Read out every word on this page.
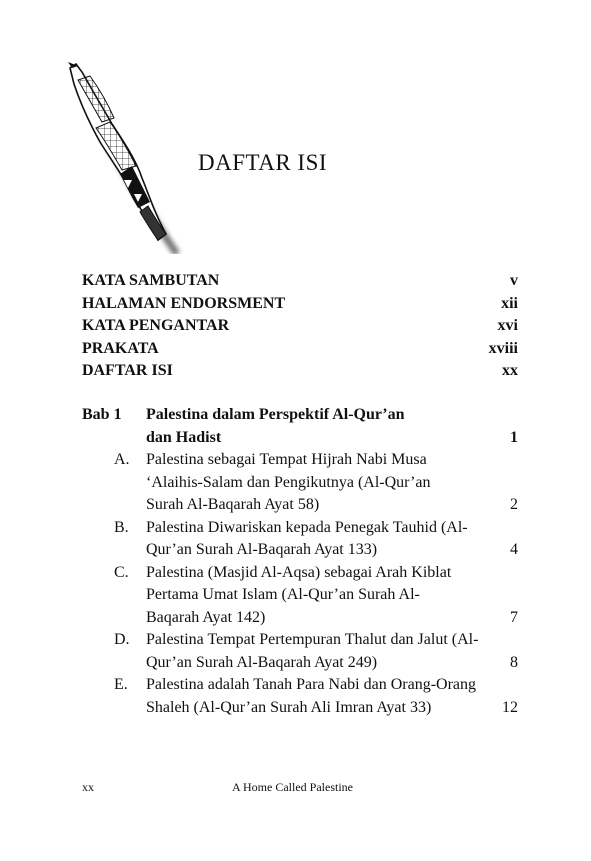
DAFTAR ISI
KATA SAMBUTAN	v
HALAMAN ENDORSMENT	xii
KATA PENGANTAR	xvi
PRAKATA	xviii
DAFTAR ISI	xx
Bab 1	Palestina dalam Perspektif Al-Qur’an dan Hadist	1
A.	Palestina sebagai Tempat Hijrah Nabi Musa ‘Alaihis-Salam dan Pengikutnya (Al-Qur’an Surah Al-Baqarah Ayat 58)	2
B.	Palestina Diwariskan kepada Penegak Tauhid (Al-Qur’an Surah Al-Baqarah Ayat 133)	4
C.	Palestina (Masjid Al-Aqsa) sebagai Arah Kiblat Pertama Umat Islam (Al-Qur’an Surah Al-Baqarah Ayat 142)	7
D.	Palestina Tempat Pertempuran Thalut dan Jalut (Al-Qur’an Surah Al-Baqarah Ayat 249)	8
E.	Palestina adalah Tanah Para Nabi dan Orang-Orang Shaleh (Al-Qur’an Surah Ali Imran Ayat 33)	12
xx	A Home Called Palestine
